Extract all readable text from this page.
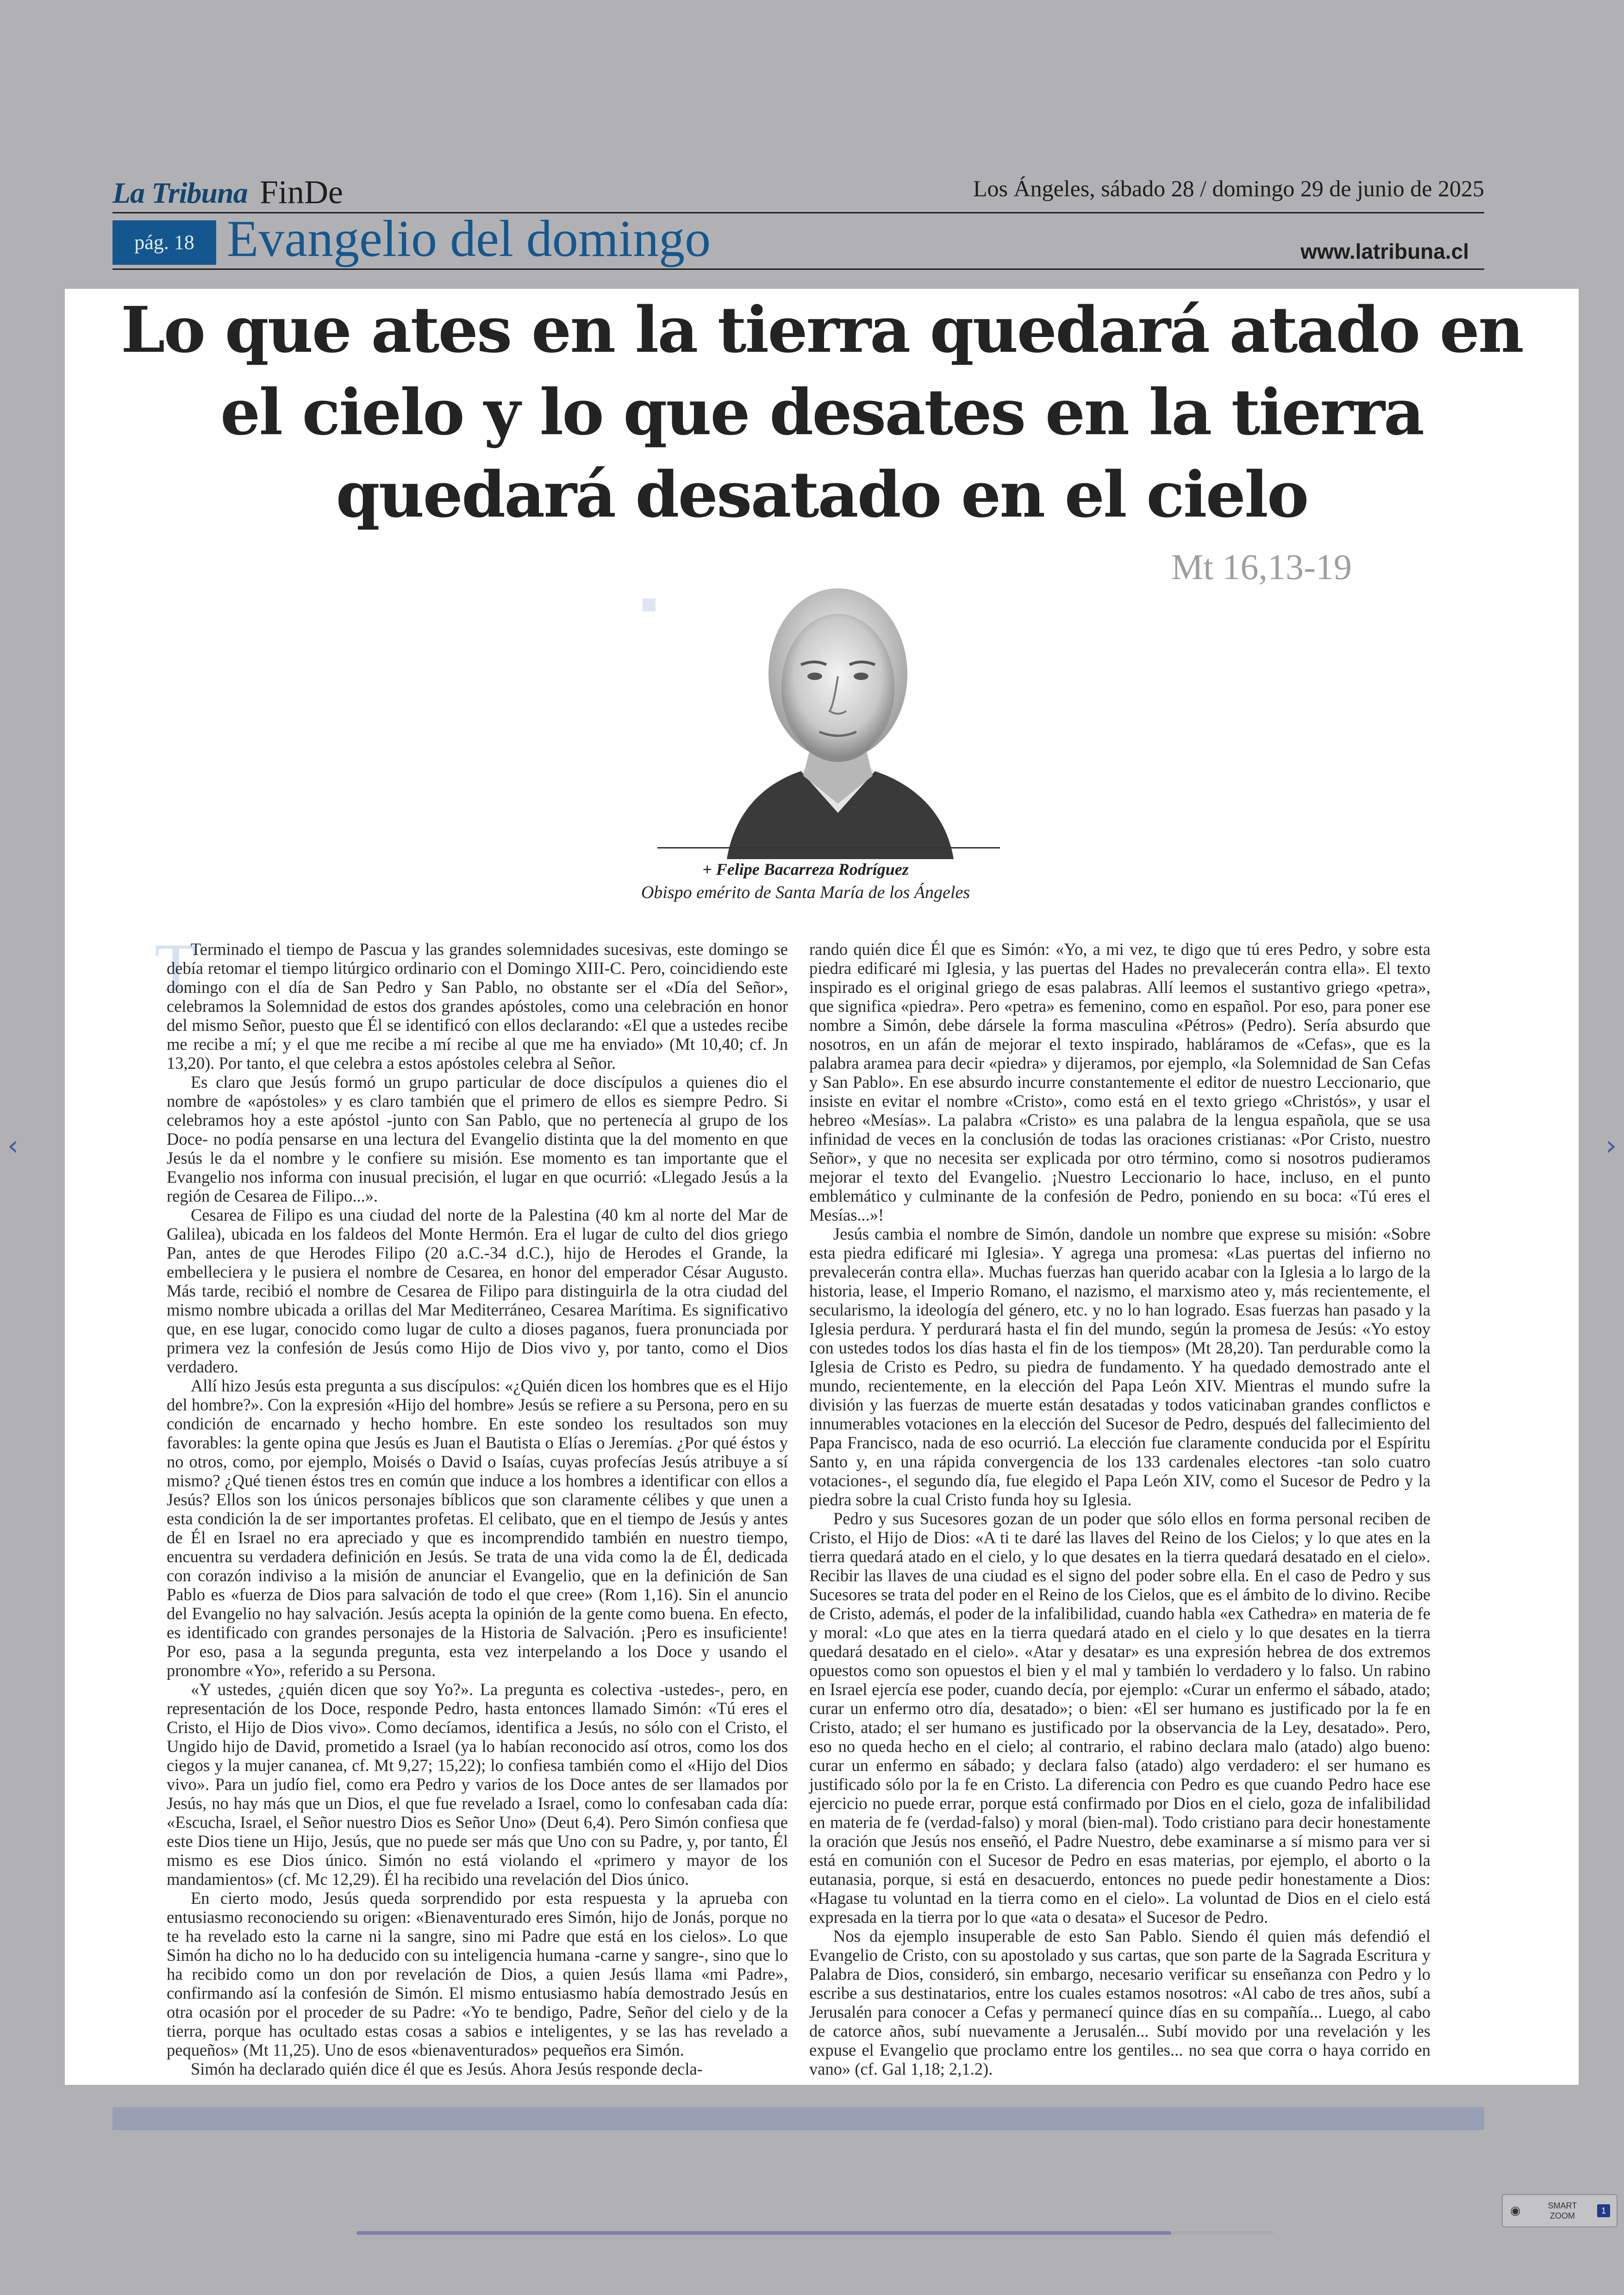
La Tribuna FinDe	Los Ángeles, sábado 28 / domingo 29 de junio de 2025
pág. 18 Evangelio del domingo	www.latribuna.cl
Lo que ates en la tierra quedará atado en el cielo y lo que desates en la tierra quedará desatado en el cielo
Mt 16,13-19
+ Felipe Bacarreza Rodríguez
Obispo emérito de Santa María de los Ángeles
T

Terminado el tiempo de Pascua y las grandes solemnidades sucesivas, este domingo se debía retomar el tiempo litúrgico ordinario con el Domingo XIII-C. Pero, coincidiendo este domingo con el día de San Pedro y San Pablo, no obstante ser el «Día del Señor», celebramos la Solemnidad de estos dos grandes apóstoles, como una celebración en honor del mismo Señor, puesto que Él se identificó con ellos declarando: «El que a ustedes recibe me recibe a mí; y el que me recibe a mí recibe al que me ha enviado» (Mt 10,40; cf. Jn 13,20). Por tanto, el que celebra a estos apóstoles celebra al Señor.

Es claro que Jesús formó un grupo particular de doce discípulos a quienes dio el nombre de «apóstoles» y es claro también que el primero de ellos es siempre Pedro. Si celebramos hoy a este apóstol -junto con San Pablo, que no pertenecía al grupo de los Doce- no podía pensarse en una lectura del Evangelio distinta que la del momento en que Jesús le da el nombre y le confiere su misión. Ese momento es tan importante que el Evangelio nos informa con inusual precisión, el lugar en que ocurrió: «Llegado Jesús a la región de Cesarea de Filipo...».

Cesarea de Filipo es una ciudad del norte de la Palestina (40 km al norte del Mar de Galilea), ubicada en los faldeos del Monte Hermón. Era el lugar de culto del dios griego Pan, antes de que Herodes Filipo (20 a.C.-34 d.C.), hijo de Herodes el Grande, la embelleciera y le pusiera el nombre de Cesarea, en honor del emperador César Augusto. Más tarde, recibió el nombre de Cesarea de Filipo para distinguirla de la otra ciudad del mismo nombre ubicada a orillas del Mar Mediterráneo, Cesarea Marítima. Es significativo que, en ese lugar, conocido como lugar de culto a dioses paganos, fuera pronunciada por primera vez la confesión de Jesús como Hijo de Dios vivo y, por tanto, como el Dios verdadero.

Allí hizo Jesús esta pregunta a sus discípulos: «¿Quién dicen los hombres que es el Hijo del hombre?». Con la expresión «Hijo del hombre» Jesús se refiere a su Persona, pero en su condición de encarnado y hecho hombre. En este sondeo los resultados son muy favorables: la gente opina que Jesús es Juan el Bautista o Elías o Jeremías. ¿Por qué éstos y no otros, como, por ejemplo, Moisés o David o Isaías, cuyas profecías Jesús atribuye a sí mismo? ¿Qué tienen éstos tres en común que induce a los hombres a identificar con ellos a Jesús? Ellos son los únicos personajes bíblicos que son claramente célibes y que unen a esta condición la de ser importantes profetas. El celibato, que en el tiempo de Jesús y antes de Él en Israel no era apreciado y que es incomprendido también en nuestro tiempo, encuentra su verdadera definición en Jesús. Se trata de una vida como la de Él, dedicada con corazón indiviso a la misión de anunciar el Evangelio, que en la definición de San Pablo es «fuerza de Dios para salvación de todo el que cree» (Rom 1,16). Sin el anuncio del Evangelio no hay salvación. Jesús acepta la opinión de la gente como buena. En efecto, es identificado con grandes personajes de la Historia de Salvación. ¡Pero es insuficiente! Por eso, pasa a la segunda pregunta, esta vez interpelando a los Doce y usando el pronombre «Yo», referido a su Persona.

«Y ustedes, ¿quién dicen que soy Yo?». La pregunta es colectiva -ustedes-, pero, en representación de los Doce, responde Pedro, hasta entonces llamado Simón: «Tú eres el Cristo, el Hijo de Dios vivo». Como decíamos, identifica a Jesús, no sólo con el Cristo, el Ungido hijo de David, prometido a Israel (ya lo habían reconocido así otros, como los dos ciegos y la mujer cananea, cf. Mt 9,27; 15,22); lo confiesa también como el «Hijo del Dios vivo». Para un judío fiel, como era Pedro y varios de los Doce antes de ser llamados por Jesús, no hay más que un Dios, el que fue revelado a Israel, como lo confesaban cada día: «Escucha, Israel, el Señor nuestro Dios es Señor Uno» (Deut 6,4). Pero Simón confiesa que este Dios tiene un Hijo, Jesús, que no puede ser más que Uno con su Padre, y, por tanto, Él mismo es ese Dios único. Simón no está violando el «primero y mayor de los mandamientos» (cf. Mc 12,29). Él ha recibido una revelación del Dios único.

En cierto modo, Jesús queda sorprendido por esta respuesta y la aprueba con entusiasmo reconociendo su origen: «Bienaventurado eres Simón, hijo de Jonás, porque no te ha revelado esto la carne ni la sangre, sino mi Padre que está en los cielos». Lo que Simón ha dicho no lo ha deducido con su inteligencia humana -carne y sangre-, sino que lo ha recibido como un don por revelación de Dios, a quien Jesús llama «mi Padre», confirmando así la confesión de Simón. El mismo entusiasmo había demostrado Jesús en otra ocasión por el proceder de su Padre: «Yo te bendigo, Padre, Señor del cielo y de la tierra, porque has ocultado estas cosas a sabios e inteligentes, y se las has revelado a pequeños» (Mt 11,25). Uno de esos «bienaventurados» pequeños era Simón.

Simón ha declarado quién dice él que es Jesús. Ahora Jesús responde decla-

rando quién dice Él que es Simón: «Yo, a mi vez, te digo que tú eres Pedro, y sobre esta piedra edificaré mi Iglesia, y las puertas del Hades no prevalecerán contra ella». El texto inspirado es el original griego de esas palabras. Allí leemos el sustantivo griego «petra», que significa «piedra». Pero «petra» es femenino, como en español. Por eso, para poner ese nombre a Simón, debe dársele la forma masculina «Pétros» (Pedro). Sería absurdo que nosotros, en un afán de mejorar el texto inspirado, habláramos de «Cefas», que es la palabra aramea para decir «piedra» y dijeramos, por ejemplo, «la Solemnidad de San Cefas y San Pablo». En ese absurdo incurre constantemente el editor de nuestro Leccionario, que insiste en evitar el nombre «Cristo», como está en el texto griego «Christós», y usar el hebreo «Mesías». La palabra «Cristo» es una palabra de la lengua española, que se usa infinidad de veces en la conclusión de todas las oraciones cristianas: «Por Cristo, nuestro Señor», y que no necesita ser explicada por otro término, como si nosotros pudieramos mejorar el texto del Evangelio. ¡Nuestro Leccionario lo hace, incluso, en el punto emblemático y culminante de la confesión de Pedro, poniendo en su boca: «Tú eres el Mesías...»!

Jesús cambia el nombre de Simón, dandole un nombre que exprese su misión: «Sobre esta piedra edificaré mi Iglesia». Y agrega una promesa: «Las puertas del infierno no prevalecerán contra ella». Muchas fuerzas han querido acabar con la Iglesia a lo largo de la historia, lease, el Imperio Romano, el nazismo, el marxismo ateo y, más recientemente, el secularismo, la ideología del género, etc. y no lo han logrado. Esas fuerzas han pasado y la Iglesia perdura. Y perdurará hasta el fin del mundo, según la promesa de Jesús: «Yo estoy con ustedes todos los días hasta el fin de los tiempos» (Mt 28,20). Tan perdurable como la Iglesia de Cristo es Pedro, su piedra de fundamento. Y ha quedado demostrado ante el mundo, recientemente, en la elección del Papa León XIV. Mientras el mundo sufre la división y las fuerzas de muerte están desatadas y todos vaticinaban grandes conflictos e innumerables votaciones en la elección del Sucesor de Pedro, después del fallecimiento del Papa Francisco, nada de eso ocurrió. La elección fue claramente conducida por el Espíritu Santo y, en una rápida convergencia de los 133 cardenales electores -tan solo cuatro votaciones-, el segundo día, fue elegido el Papa León XIV, como el Sucesor de Pedro y la piedra sobre la cual Cristo funda hoy su Iglesia.

Pedro y sus Sucesores gozan de un poder que sólo ellos en forma personal reciben de Cristo, el Hijo de Dios: «A ti te daré las llaves del Reino de los Cielos; y lo que ates en la tierra quedará atado en el cielo, y lo que desates en la tierra quedará desatado en el cielo». Recibir las llaves de una ciudad es el signo del poder sobre ella. En el caso de Pedro y sus Sucesores se trata del poder en el Reino de los Cielos, que es el ámbito de lo divino. Recibe de Cristo, además, el poder de la infalibilidad, cuando habla «ex Cathedra» en materia de fe y moral: «Lo que ates en la tierra quedará atado en el cielo y lo que desates en la tierra quedará desatado en el cielo». «Atar y desatar» es una expresión hebrea de dos extremos opuestos como son opuestos el bien y el mal y también lo verdadero y lo falso. Un rabino en Israel ejercía ese poder, cuando decía, por ejemplo: «Curar un enfermo el sábado, atado; curar un enfermo otro día, desatado»; o bien: «El ser humano es justificado por la fe en Cristo, atado; el ser humano es justificado por la observancia de la Ley, desatado». Pero, eso no queda hecho en el cielo; al contrario, el rabino declara malo (atado) algo bueno: curar un enfermo en sábado; y declara falso (atado) algo verdadero: el ser humano es justificado sólo por la fe en Cristo. La diferencia con Pedro es que cuando Pedro hace ese ejercicio no puede errar, porque está confirmado por Dios en el cielo, goza de infalibilidad en materia de fe (verdad-falso) y moral (bien-mal). Todo cristiano para decir honestamente la oración que Jesús nos enseñó, el Padre Nuestro, debe examinarse a sí mismo para ver si está en comunión con el Sucesor de Pedro en esas materias, por ejemplo, el aborto o la eutanasia, porque, si está en desacuerdo, entonces no puede pedir honestamente a Dios: «Hagase tu voluntad en la tierra como en el cielo». La voluntad de Dios en el cielo está expresada en la tierra por lo que «ata o desata» el Sucesor de Pedro.

Nos da ejemplo insuperable de esto San Pablo. Siendo él quien más defendió el Evangelio de Cristo, con su apostolado y sus cartas, que son parte de la Sagrada Escritura y Palabra de Dios, consideró, sin embargo, necesario verificar su enseñanza con Pedro y lo escribe a sus destinatarios, entre los cuales estamos nosotros: «Al cabo de tres años, subí a Jerusalén para conocer a Cefas y permanecí quince días en su compañía... Luego, al cabo de catorce años, subí nuevamente a Jerusalén... Subí movido por una revelación y les expuse el Evangelio que proclamo entre los gentiles... no sea que corra o haya corrido en vano» (cf. Gal 1,18; 2,1.2).

‹	›
◉	SMART ZOOM
1
